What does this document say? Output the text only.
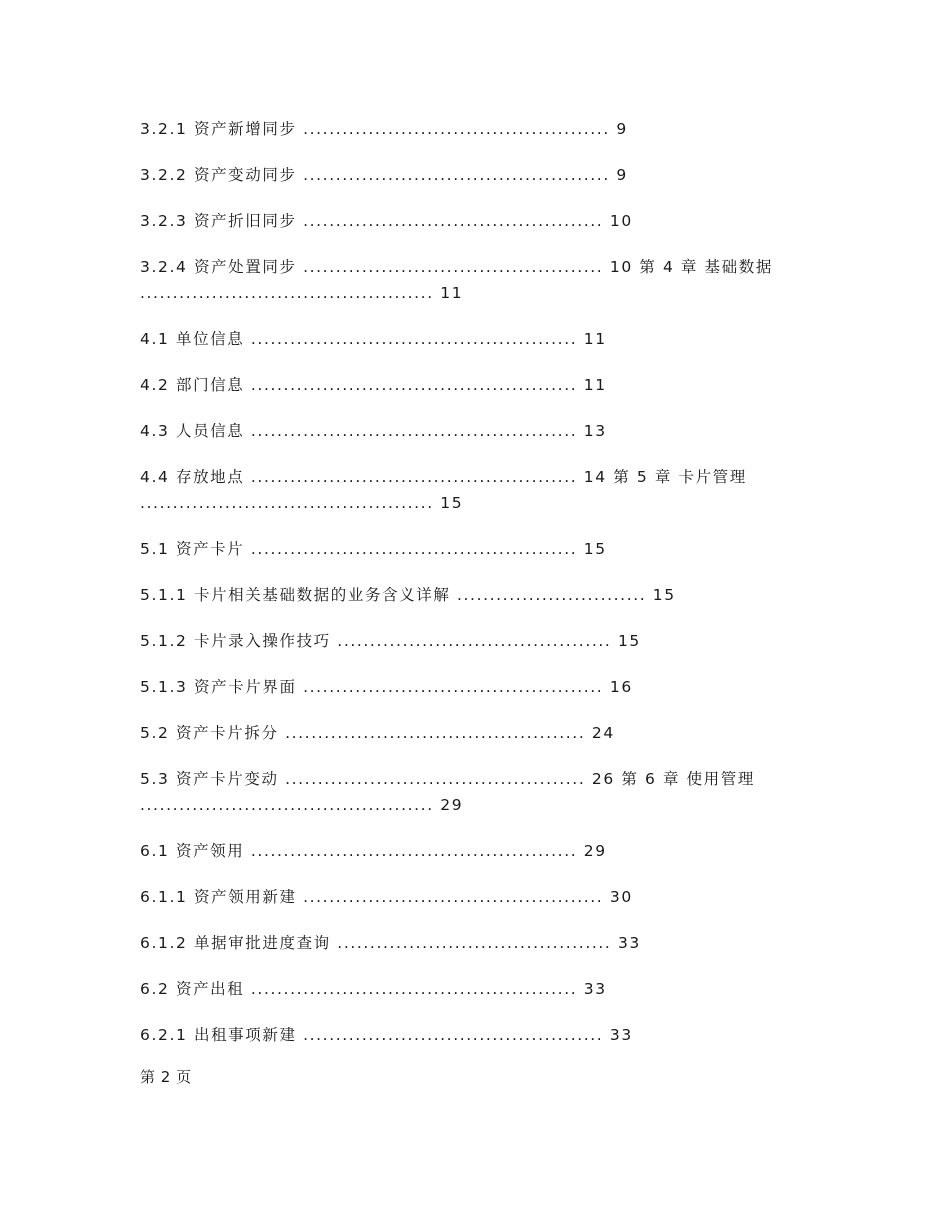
3.2.1 资产新增同步 ............................................... 9
3.2.2 资产变动同步 ............................................... 9
3.2.3 资产折旧同步 .............................................. 10
3.2.4 资产处置同步 .............................................. 10 第 4 章 基础数据
............................................. 11
4.1 单位信息 .................................................. 11
4.2 部门信息 .................................................. 11
4.3 人员信息 .................................................. 13
4.4 存放地点 .................................................. 14 第 5 章 卡片管理
............................................. 15
5.1 资产卡片 .................................................. 15
5.1.1 卡片相关基础数据的业务含义详解 ............................. 15
5.1.2 卡片录入操作技巧 .......................................... 15
5.1.3 资产卡片界面 .............................................. 16
5.2 资产卡片拆分 .............................................. 24
5.3 资产卡片变动 .............................................. 26 第 6 章 使用管理
............................................. 29
6.1 资产领用 .................................................. 29
6.1.1 资产领用新建 .............................................. 30
6.1.2 单据审批进度查询 .......................................... 33
6.2 资产出租 .................................................. 33
6.2.1 出租事项新建 .............................................. 33
第 2 页
